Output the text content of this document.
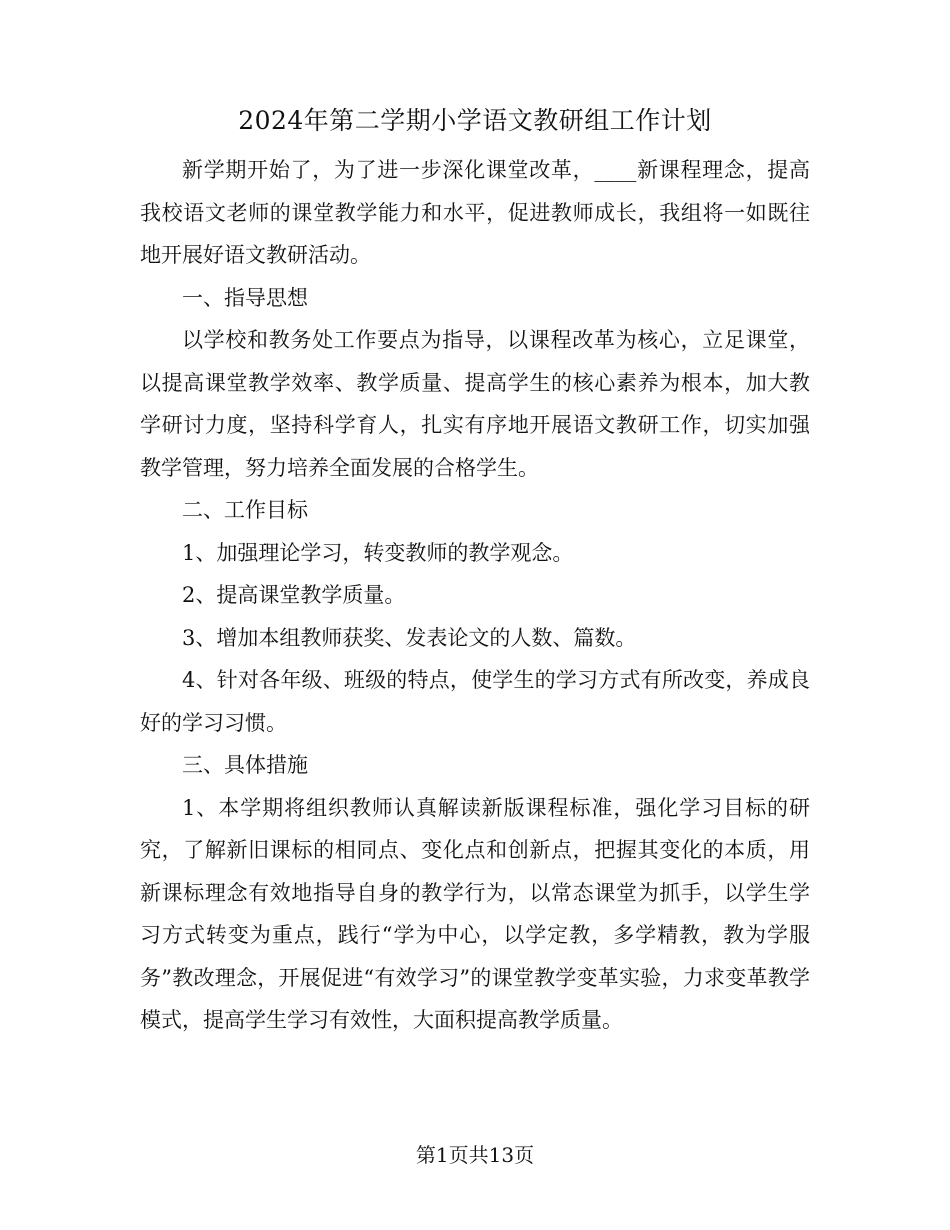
2024年第二学期小学语文教研组工作计划

新学期开始了，为了进一步深化课堂改革，____新课程理念，提高我校语文老师的课堂教学能力和水平，促进教师成长，我组将一如既往地开展好语文教研活动。

一、指导思想

以学校和教务处工作要点为指导，以课程改革为核心，立足课堂，以提高课堂教学效率、教学质量、提高学生的核心素养为根本，加大教学研讨力度，坚持科学育人，扎实有序地开展语文教研工作，切实加强教学管理，努力培养全面发展的合格学生。

二、工作目标

1、加强理论学习，转变教师的教学观念。

2、提高课堂教学质量。

3、增加本组教师获奖、发表论文的人数、篇数。

4、针对各年级、班级的特点，使学生的学习方式有所改变，养成良好的学习习惯。

三、具体措施

1、本学期将组织教师认真解读新版课程标准，强化学习目标的研究，了解新旧课标的相同点、变化点和创新点，把握其变化的本质，用新课标理念有效地指导自身的教学行为，以常态课堂为抓手，以学生学习方式转变为重点，践行“学为中心，以学定教，多学精教，教为学服务”教改理念，开展促进“有效学习”的课堂教学变革实验，力求变革教学模式，提高学生学习有效性，大面积提高教学质量。

第1页共13页
